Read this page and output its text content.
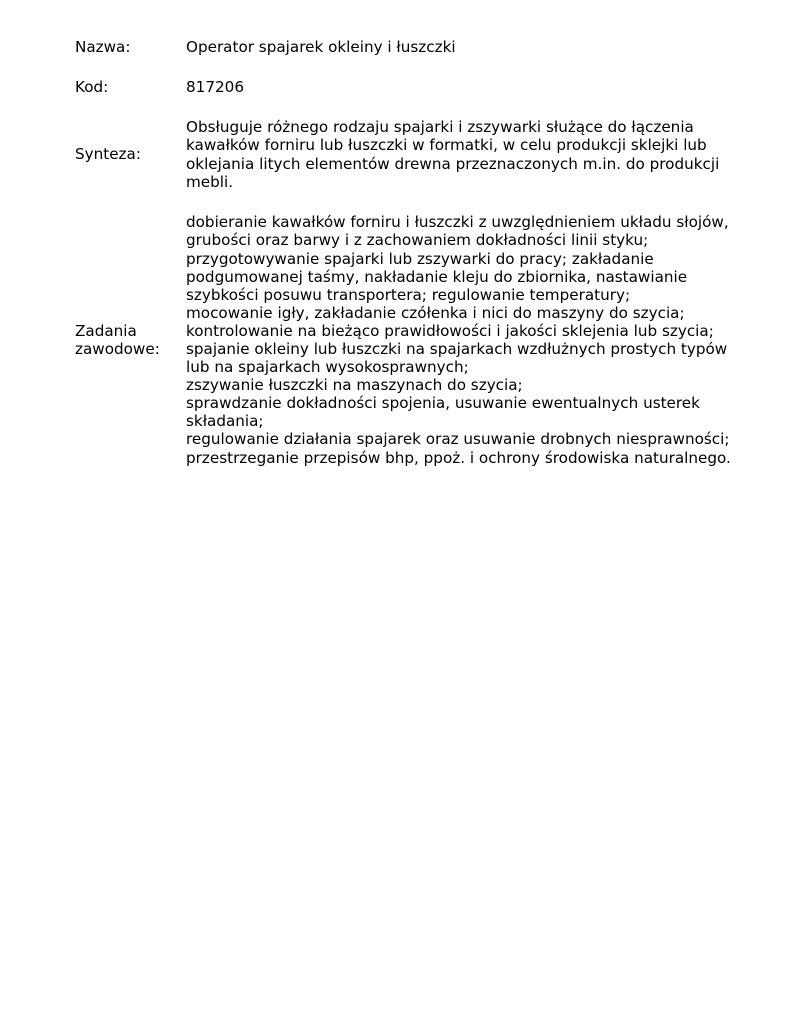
Nazwa:	Operator spajarek okleiny i łuszczki
Kod:	817206
Synteza:
Obsługuje różnego rodzaju spajarki i zszywarki służące do łączenia
kawałków forniru lub łuszczki w formatki, w celu produkcji sklejki lub
oklejania litych elementów drewna przeznaczonych m.in. do produkcji
mebli.
Zadania
zawodowe:
dobieranie kawałków forniru i łuszczki z uwzględnieniem układu słojów,
grubości oraz barwy i z zachowaniem dokładności linii styku;
przygotowywanie spajarki lub zszywarki do pracy; zakładanie
podgumowanej taśmy, nakładanie kleju do zbiornika, nastawianie
szybkości posuwu transportera; regulowanie temperatury;
mocowanie igły, zakładanie czółenka i nici do maszyny do szycia;
kontrolowanie na bieżąco prawidłowości i jakości sklejenia lub szycia;
spajanie okleiny lub łuszczki na spajarkach wzdłużnych prostych typów
lub na spajarkach wysokosprawnych;
zszywanie łuszczki na maszynach do szycia;
sprawdzanie dokładności spojenia, usuwanie ewentualnych usterek
składania;
regulowanie działania spajarek oraz usuwanie drobnych niesprawności;
przestrzeganie przepisów bhp, ppoż. i ochrony środowiska naturalnego.
